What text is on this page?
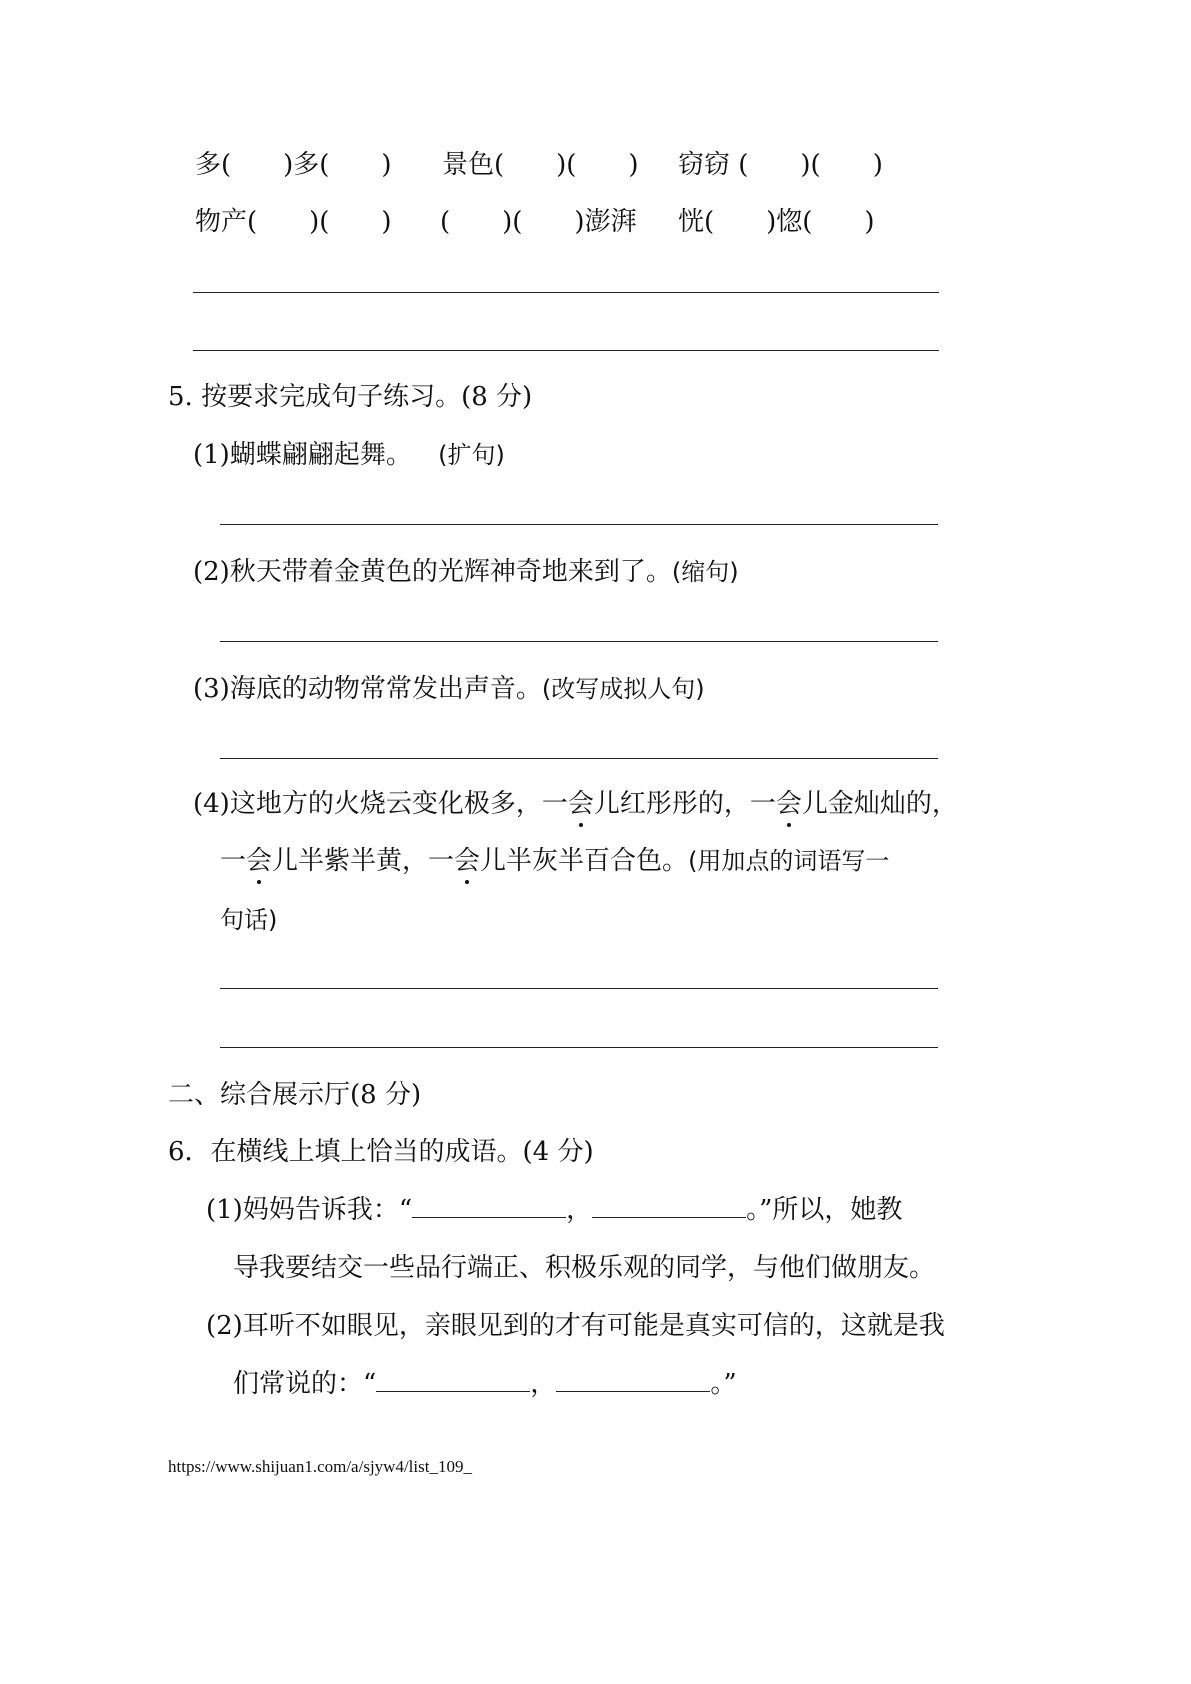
多(　　)多(　　) 景色(　　)(　　) 窃窃 (　　)(　　)
物产(　　)(　　) (　　)(　　)澎湃 恍(　　)惚(　　)
5. 按要求完成句子练习。(8 分)
(1)蝴蝶翩翩起舞。 (扩句)
(2)秋天带着金黄色的光辉神奇地来到了。(缩句)
(3)海底的动物常常发出声音。(改写成拟人句)
(4)这地方的火烧云变化极多，一会儿红彤彤的，一会儿金灿灿的，
一会儿半紫半黄，一会儿半灰半百合色。(用加点的词语写一
句话)
二、综合展示厅(8 分)
6．在横线上填上恰当的成语。(4 分)
(1)妈妈告诉我：“	，	。”所以，她教
导我要结交一些品行端正、积极乐观的同学，与他们做朋友。
(2)耳听不如眼见，亲眼见到的才有可能是真实可信的，这就是我
们常说的：“	，	。”
https://www.shijuan1.com/a/sjyw4/list_109_
